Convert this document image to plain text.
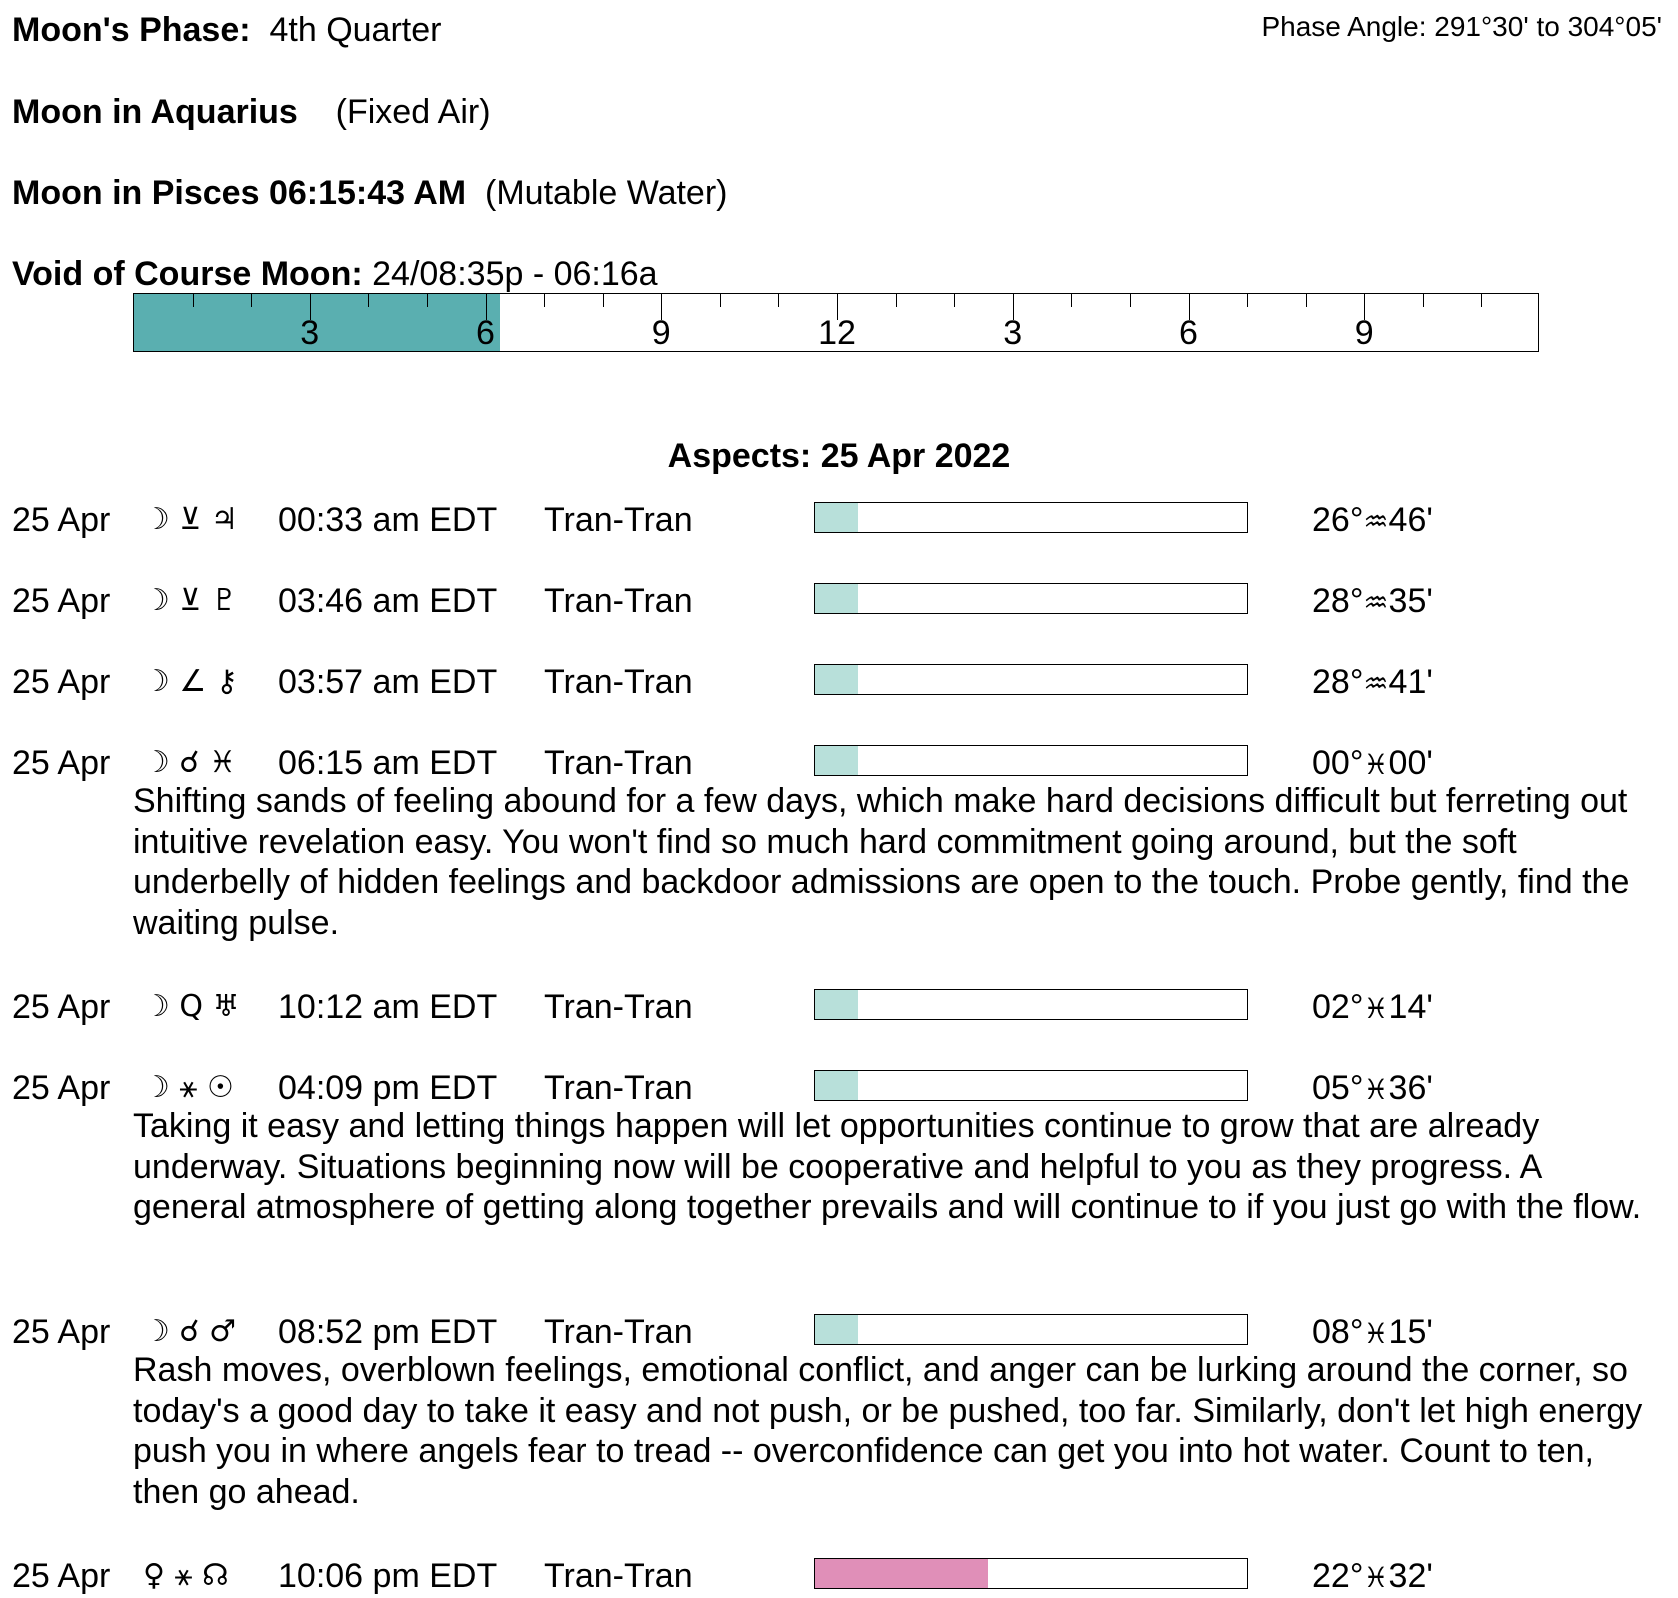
Moon's Phase: 4th Quarter	Phase Angle: 291°30' to 304°05'
Moon in Aquarius (Fixed Air)
Moon in Pisces 06:15:43 AM (Mutable Water)
Void of Course Moon: 24/08:35p - 06:16a
3	6	9	12	3	6	9
Aspects: 25 Apr 2022
25 Apr ☽ ⊻ ♃ 00:33 am EDT Tran-Tran	26°♒46'
25 Apr ☽ ⊻ ♇ 03:46 am EDT Tran-Tran	28°♒35'
25 Apr ☽ ∠ ⚷ 03:57 am EDT Tran-Tran	28°♒41'
25 Apr ☽ ☌ ♓ 06:15 am EDT Tran-Tran	00°♓00'
Shifting sands of feeling abound for a few days, which make hard decisions difficult but ferreting out intuitive revelation easy. You won't find so much hard commitment going around, but the soft underbelly of hidden feelings and backdoor admissions are open to the touch. Probe gently, find the waiting pulse.
25 Apr ☽ Q ♅ 10:12 am EDT Tran-Tran	02°♓14'
25 Apr ☽ ⚹ ☉ 04:09 pm EDT Tran-Tran	05°♓36'
Taking it easy and letting things happen will let opportunities continue to grow that are already underway. Situations beginning now will be cooperative and helpful to you as they progress. A general atmosphere of getting along together prevails and will continue to if you just go with the flow.
25 Apr ☽ ☌ ♂ 08:52 pm EDT Tran-Tran	08°♓15'
Rash moves, overblown feelings, emotional conflict, and anger can be lurking around the corner, so today's a good day to take it easy and not push, or be pushed, too far. Similarly, don't let high energy push you in where angels fear to tread -- overconfidence can get you into hot water. Count to ten, then go ahead.
25 Apr ♀ ⚹ ☊ 10:06 pm EDT Tran-Tran	22°♓32'
